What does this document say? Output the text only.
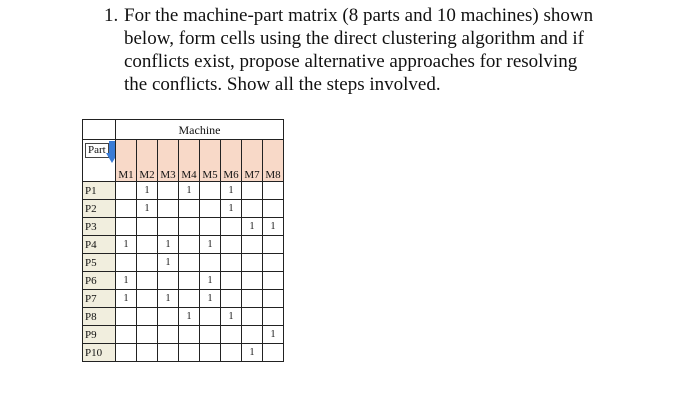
1. For the machine-part matrix (8 parts and 10 machines) shown below, form cells using the direct clustering algorithm and if conflicts exist, propose alternative approaches for resolving the conflicts. Show all the steps involved.
	Machine							

Part	M1	M2	M3	M4	M5	M6	M7	M8
P1		1		1		1		
P2		1				1		
P3							1	1
P4	1		1		1			
P5			1					
P6	1				1			
P7	1		1		1			
P8				1		1		
P9								1
P10							1	
